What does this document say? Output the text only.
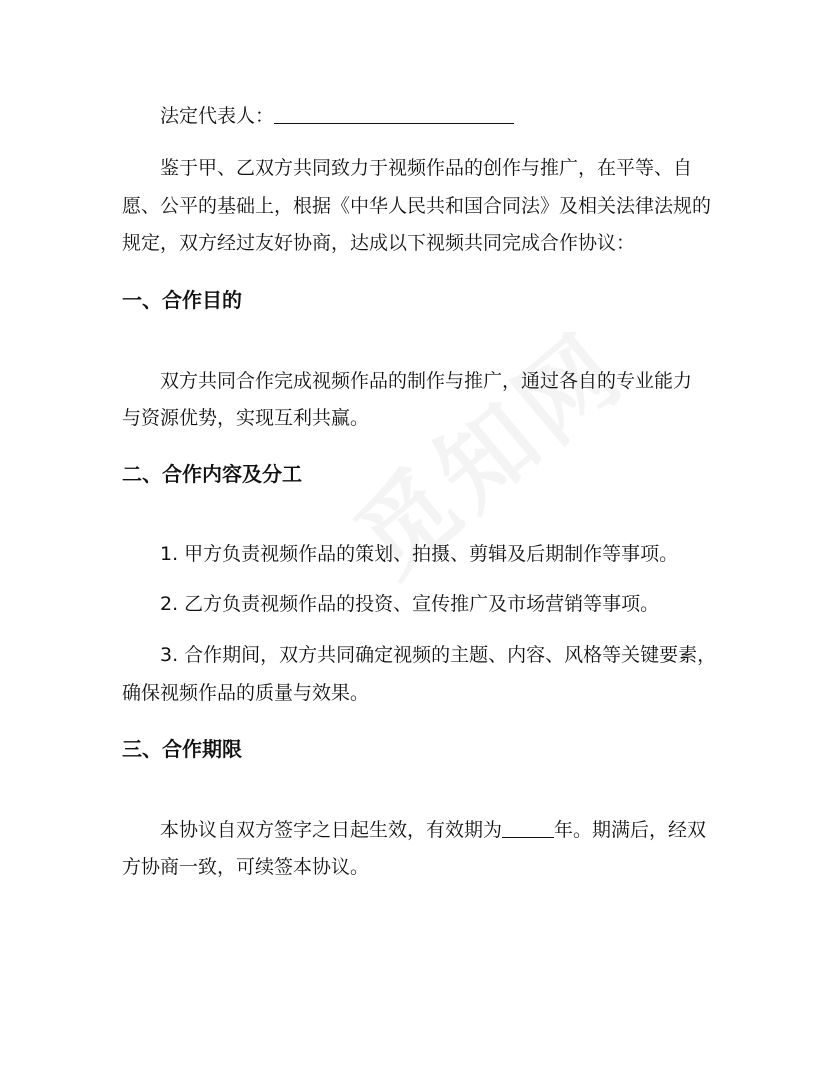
法定代表人：

鉴于甲、乙双方共同致力于视频作品的创作与推广，在平等、自

愿、公平的基础上，根据《中华人民共和国合同法》及相关法律法规的

规定，双方经过友好协商，达成以下视频共同完成合作协议：

一、合作目的

双方共同合作完成视频作品的制作与推广，通过各自的专业能力

与资源优势，实现互利共赢。

二、合作内容及分工

1. 甲方负责视频作品的策划、拍摄、剪辑及后期制作等事项。

2. 乙方负责视频作品的投资、宣传推广及市场营销等事项。

3. 合作期间，双方共同确定视频的主题、内容、风格等关键要素，

确保视频作品的质量与效果。

三、合作期限

本协议自双方签字之日起生效，有效期为	年。期满后，经双

方协商一致，可续签本协议。
